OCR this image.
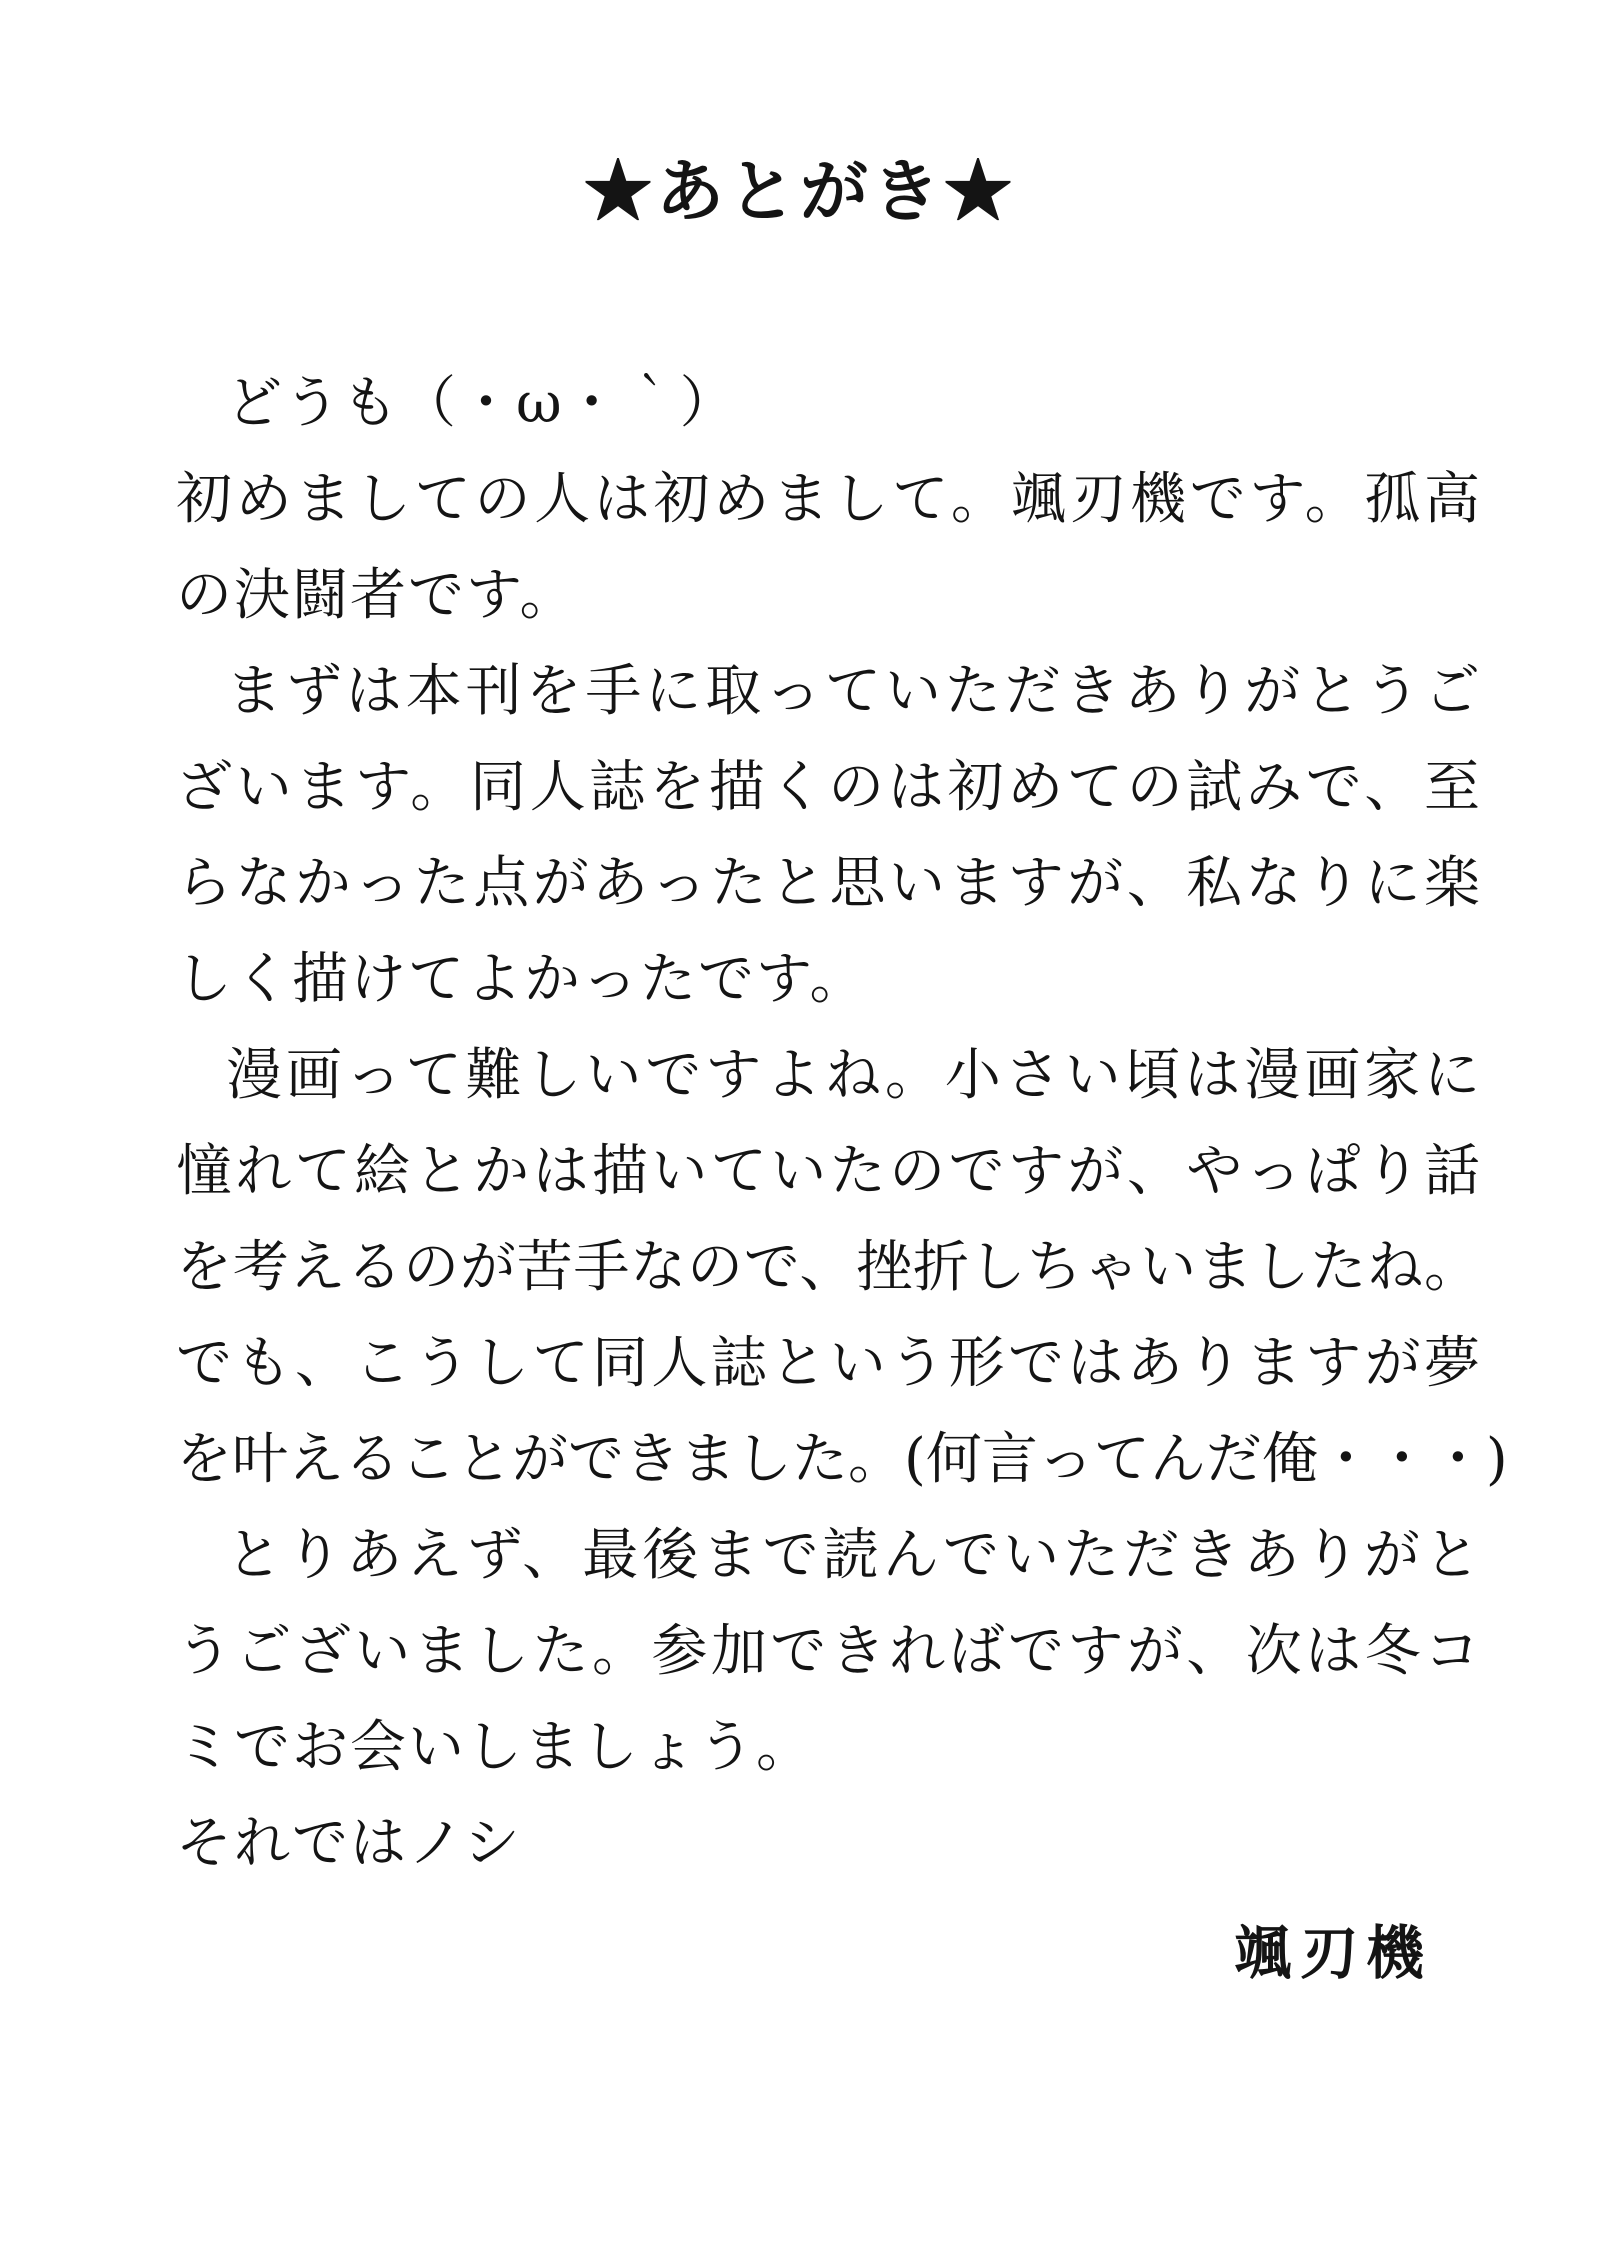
★あとがき★
どうも（・ω・｀）
初めましての人は初めまして。颯刃機です。孤高
の決闘者です。
まずは本刊を手に取っていただきありがとうご
ざいます。同人誌を描くのは初めての試みで、至
らなかった点があったと思いますが、私なりに楽
しく描けてよかったです。
漫画って難しいですよね。小さい頃は漫画家に
憧れて絵とかは描いていたのですが、やっぱり話
を考えるのが苦手なので、挫折しちゃいましたね。
でも、こうして同人誌という形ではありますが夢
を叶えることができました。(何言ってんだ俺・・・)
とりあえず、最後まで読んでいただきありがと
うございました。参加できればですが、次は冬コ
ミでお会いしましょう。
それではノシ
颯刃機
